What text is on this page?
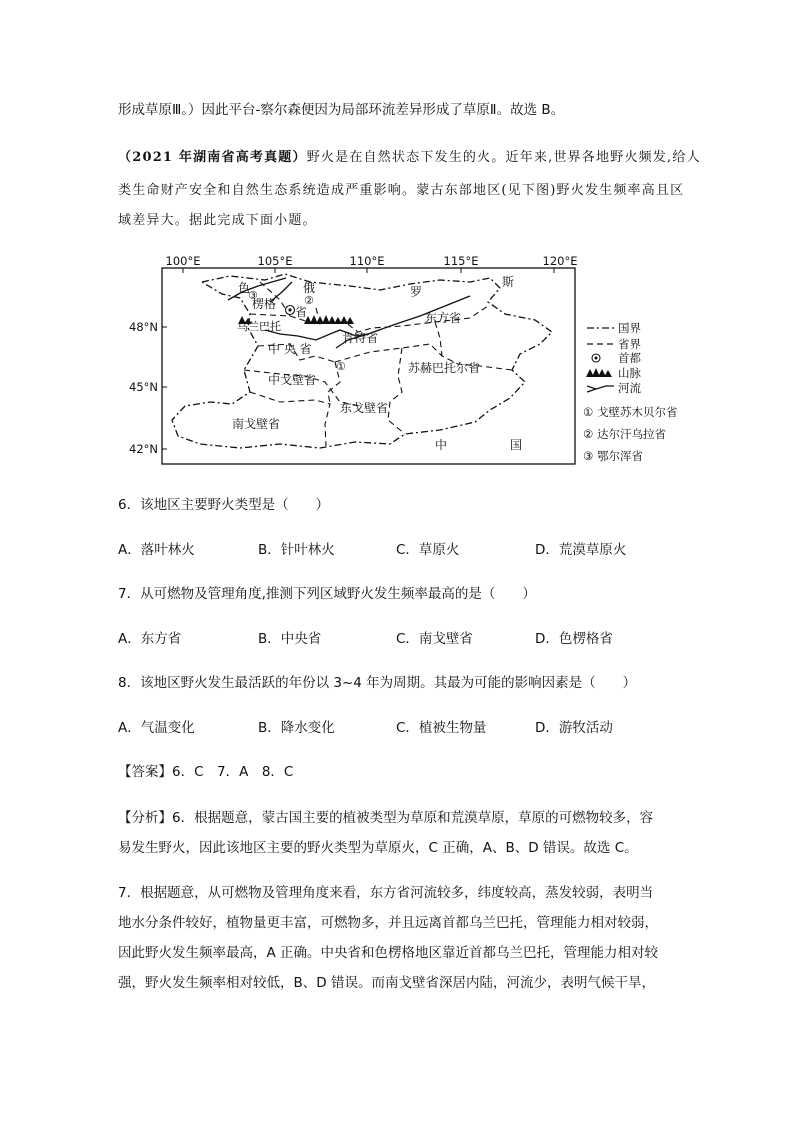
形成草原Ⅲ。）因此平台-察尔森便因为局部环流差异形成了草原Ⅱ。故选 B。
（2021 年湖南省高考真题）野火是在自然状态下发生的火。近年来,世界各地野火频发,给人
类生命财产安全和自然生态系统造成严重影响。蒙古东部地区(见下图)野火发生频率高且区
域差异大。据此完成下面小题。
100°E	105°E	110°E	115°E	120°E
48°N
45°N
42°N
色	俄	罗
斯
楞格
省
乌兰巴托
中 央 省
肯特省
东方省
中戈壁省
苏赫巴托尔省
东戈壁省
南戈壁省
中	国
①
②
③
国界
省界
首都
山脉
河流
① 戈壁苏木贝尔省
② 达尔汗乌拉省
③ 鄂尔浑省
6．该地区主要野火类型是（　　）
A．落叶林火	B．针叶林火	C．草原火	D．荒漠草原火
7．从可燃物及管理角度,推测下列区域野火发生频率最高的是（　　）
A．东方省	B．中央省	C．南戈壁省	D．色楞格省
8．该地区野火发生最活跃的年份以 3~4 年为周期。其最为可能的影响因素是（　　）
A．气温变化	B．降水变化	C．植被生物量	D．游牧活动
【答案】6．C　7．A　8．C
【分析】6．根据题意，蒙古国主要的植被类型为草原和荒漠草原，草原的可燃物较多，容
易发生野火，因此该地区主要的野火类型为草原火，C 正确，A、B、D 错误。故选 C。
7．根据题意，从可燃物及管理角度来看，东方省河流较多，纬度较高，蒸发较弱，表明当
地水分条件较好，植物量更丰富，可燃物多，并且远离首都乌兰巴托，管理能力相对较弱，
因此野火发生频率最高，A 正确。中央省和色楞格地区靠近首都乌兰巴托，管理能力相对较
强，野火发生频率相对较低，B、D 错误。而南戈壁省深居内陆，河流少，表明气候干旱，
